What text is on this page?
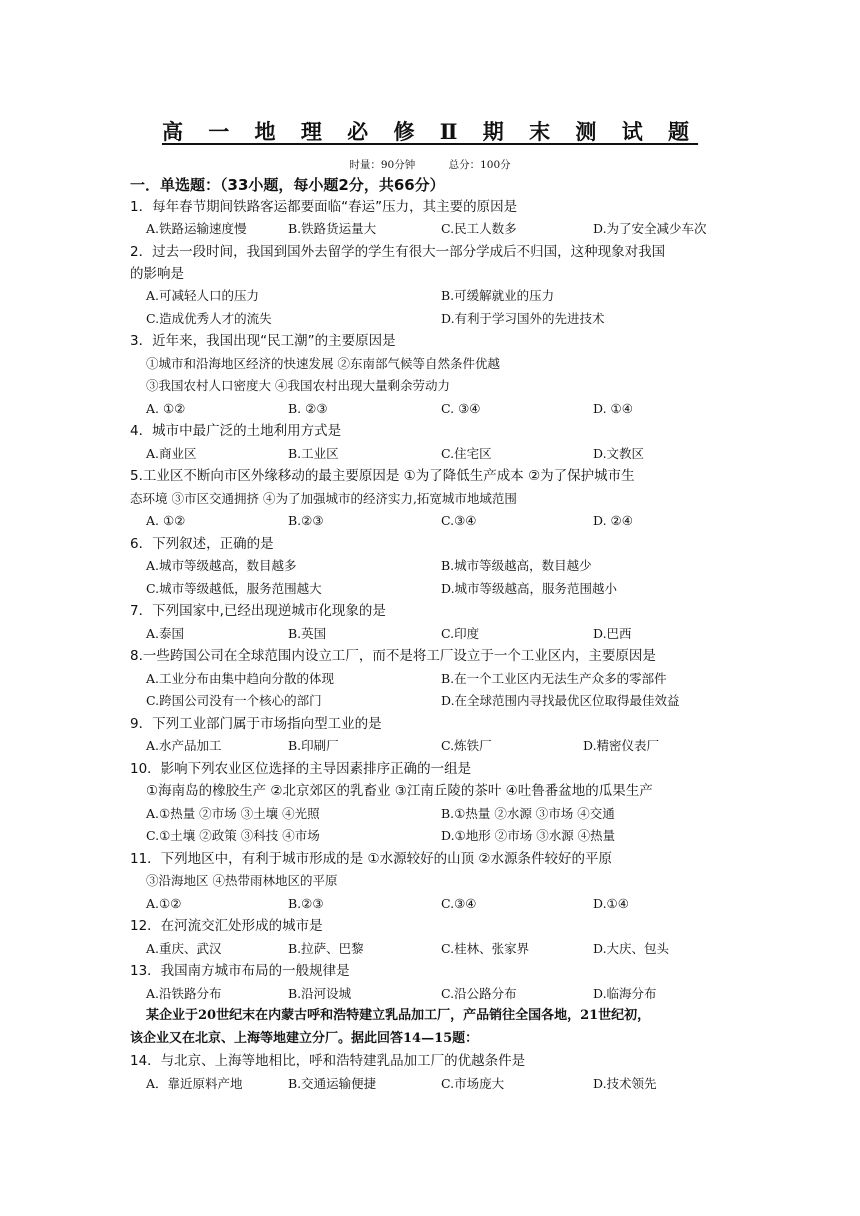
高 一 地 理 必 修 Ⅱ 期 末 测 试 题
时量：90分钟          总分：100分
一．单选题：（33小题，每小题2分，共66分）
1．每年春节期间铁路客运都要面临“春运”压力，其主要的原因是
A.铁路运输速度慢	B.铁路货运量大	C.民工人数多	D.为了安全减少车次
2．过去一段时间，我国到国外去留学的学生有很大一部分学成后不归国，这种现象对我国
的影响是
A.可减轻人口的压力	B.可缓解就业的压力
C.造成优秀人才的流失	D.有利于学习国外的先进技术
3．近年来，我国出现“民工潮”的主要原因是
①城市和沿海地区经济的快速发展 ②东南部气候等自然条件优越
③我国农村人口密度大 ④我国农村出现大量剩余劳动力
A. ①②	B. ②③	C. ③④	D. ①④
4．城市中最广泛的土地利用方式是
A.商业区	B.工业区	C.住宅区	D.文教区
5.工业区不断向市区外缘移动的最主要原因是 ①为了降低生产成本 ②为了保护城市生
态环境 ③市区交通拥挤 ④为了加强城市的经济实力,拓宽城市地域范围
A. ①②	B.②③	C.③④	D. ②④
6．下列叙述，正确的是
A.城市等级越高，数目越多	B.城市等级越高，数目越少
C.城市等级越低，服务范围越大	D.城市等级越高，服务范围越小
7．下列国家中,已经出现逆城市化现象的是
A.泰国	B.英国	C.印度	D.巴西
8.一些跨国公司在全球范围内设立工厂，而不是将工厂设立于一个工业区内，主要原因是
A.工业分布由集中趋向分散的体现	B.在一个工业区内无法生产众多的零部件
C.跨国公司没有一个核心的部门	D.在全球范围内寻找最优区位取得最佳效益
9．下列工业部门属于市场指向型工业的是
A.水产品加工	B.印刷厂	C.炼铁厂	D.精密仪表厂
10．影响下列农业区位选择的主导因素排序正确的一组是
①海南岛的橡胶生产 ②北京郊区的乳畜业 ③江南丘陵的茶叶 ④吐鲁番盆地的瓜果生产
A.①热量 ②市场 ③土壤 ④光照	B.①热量 ②水源 ③市场 ④交通
C.①土壤 ②政策 ③科技 ④市场	D.①地形 ②市场 ③水源 ④热量
11．下列地区中，有利于城市形成的是 ①水源较好的山顶 ②水源条件较好的平原
③沿海地区 ④热带雨林地区的平原
A.①②	B.②③	C.③④	D.①④
12．在河流交汇处形成的城市是
A.重庆、武汉	B.拉萨、巴黎	C.桂林、张家界	D.大庆、包头
13．我国南方城市布局的一般规律是
A.沿铁路分布	B.沿河设城	C.沿公路分布	D.临海分布
某企业于20世纪末在内蒙古呼和浩特建立乳品加工厂，产品销往全国各地，21世纪初，
该企业又在北京、上海等地建立分厂。据此回答14—15题：
14．与北京、上海等地相比，呼和浩特建乳品加工厂的优越条件是
A．靠近原料产地	B.交通运输便捷	C.市场庞大	D.技术领先
